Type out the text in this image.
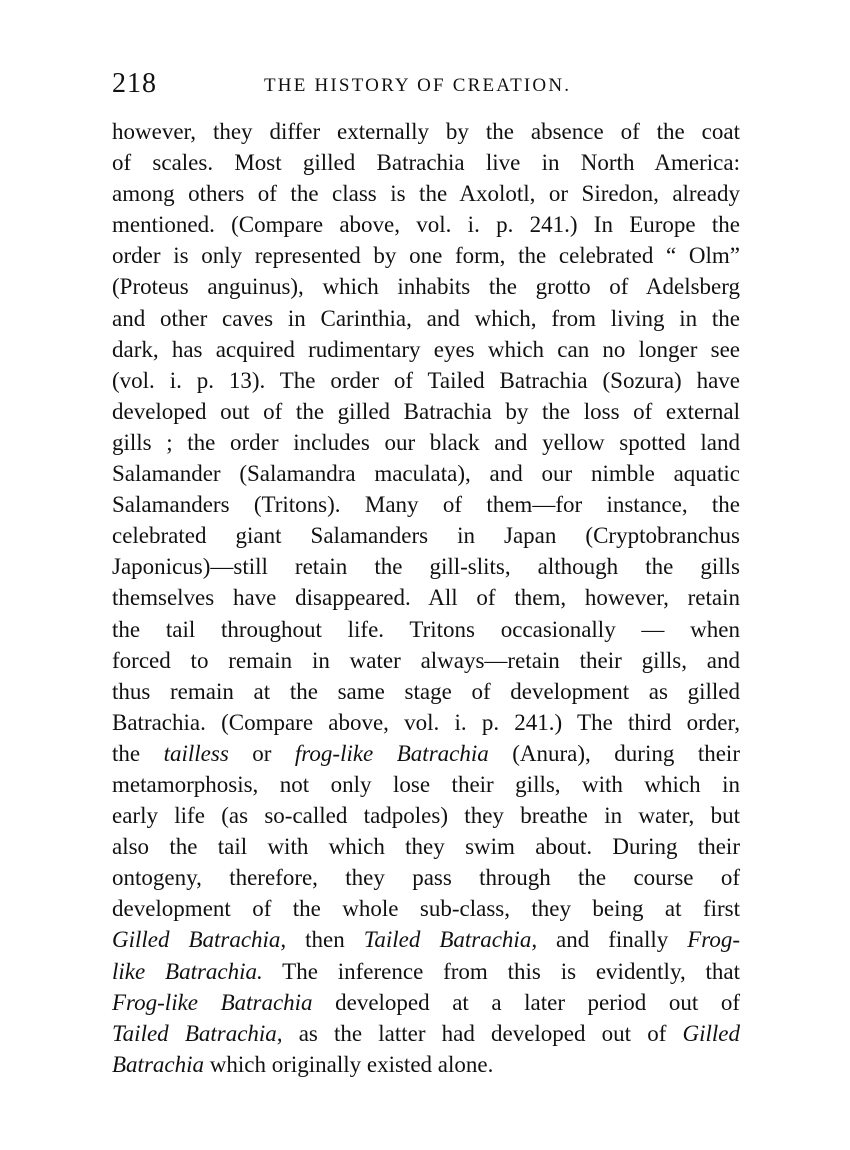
218	THE HISTORY OF CREATION.
however, they differ externally by the absence of the coat
of scales. Most gilled Batrachia live in North America:
among others of the class is the Axolotl, or Siredon, already
mentioned. (Compare above, vol. i. p. 241.) In Europe the
order is only represented by one form, the celebrated “ Olm”
(Proteus anguinus), which inhabits the grotto of Adelsberg
and other caves in Carinthia, and which, from living in the
dark, has acquired rudimentary eyes which can no longer see
(vol. i. p. 13). The order of Tailed Batrachia (Sozura) have
developed out of the gilled Batrachia by the loss of external
gills ; the order includes our black and yellow spotted land
Salamander (Salamandra maculata), and our nimble aquatic
Salamanders (Tritons). Many of them—for instance, the
celebrated giant Salamanders in Japan (Cryptobranchus
Japonicus)—still retain the gill-slits, although the gills
themselves have disappeared. All of them, however, retain
the tail throughout life. Tritons occasionally — when
forced to remain in water always—retain their gills, and
thus remain at the same stage of development as gilled
Batrachia. (Compare above, vol. i. p. 241.) The third order,
the tailless or frog-like Batrachia (Anura), during their
metamorphosis, not only lose their gills, with which in
early life (as so-called tadpoles) they breathe in water, but
also the tail with which they swim about. During their
ontogeny, therefore, they pass through the course of
development of the whole sub-class, they being at first
Gilled Batrachia, then Tailed Batrachia, and finally Frog-
like Batrachia. The inference from this is evidently, that
Frog-like Batrachia developed at a later period out of
Tailed Batrachia, as the latter had developed out of Gilled
Batrachia which originally existed alone.
